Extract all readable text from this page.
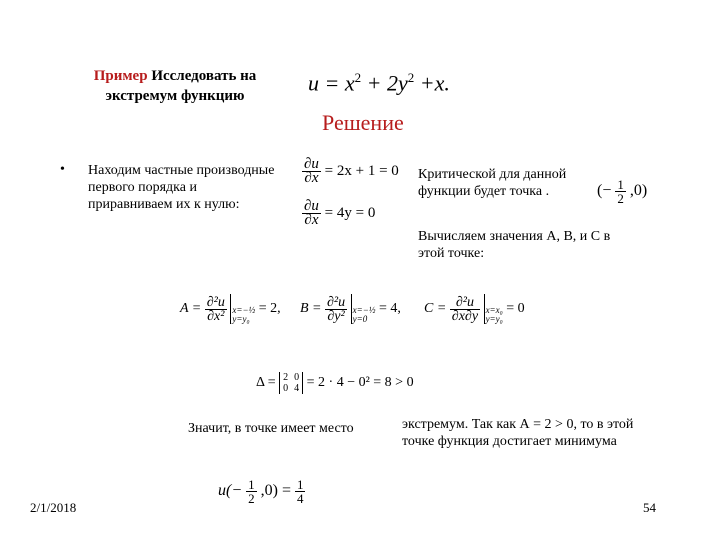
Пример Исследовать на экстремум функцию
$u = x^2 + 2y^2 +x$.
Решение
• Находим частные производные первого порядка и приравниваем их к нулю:
$\frac{\partial u}{\partial x} = 2x + 1 = 0$
$\frac{\partial u}{\partial x} = 4y = 0$
Критической для данной функции будет точка .	(− $\frac{1}{2} ,0$)
Вычисляем значения А, В, и С в этой точке:
$A = \frac{\text{∂²u}}{\text{∂x²}}$
x=−½
y=y₀
= 2, $B = \frac{\text{∂²u}}{\text{∂y²}}$
x=−½
y=0
= 4, $C = \frac{\text{∂²u}}{\partial x\partial y}$
x=x₀
y=y₀
= 0
Δ = 2	0
0	4 = 2 · 4 − 0² = 8 > 0
Значит, в точке имеет место	экстремум. Так как А = 2 > 0, то в этой точке функция достигает минимума
$u(- \frac{1}{2} ,0) = \frac{1}{4}$
2/1/2018	54
